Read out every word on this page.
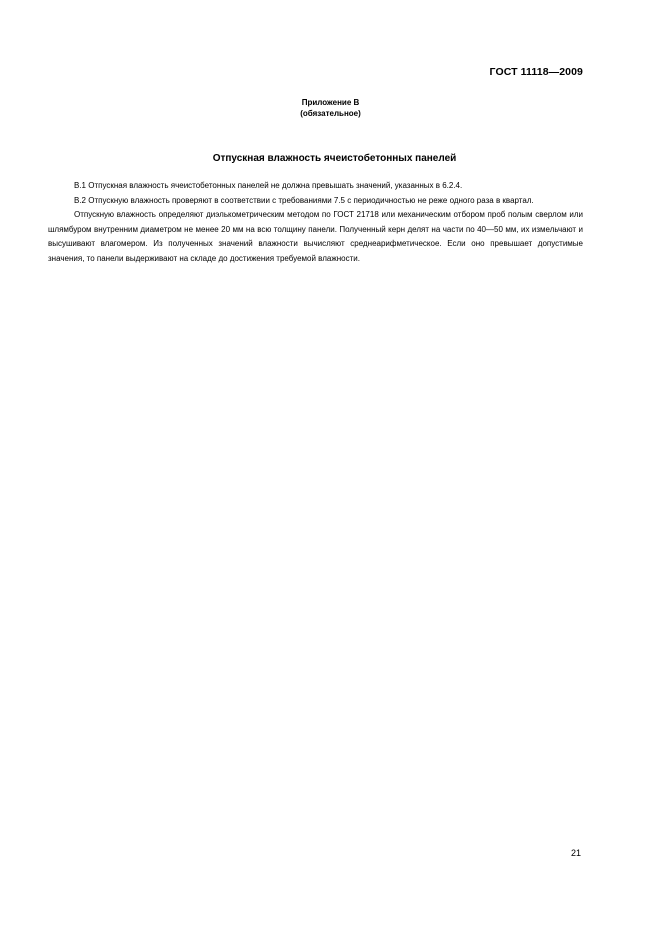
ГОСТ 11118—2009
Приложение В
(обязательное)
Отпускная влажность ячеистобетонных панелей

В.1 Отпускная влажность ячеистобетонных панелей не должна превышать значений, указанных в 6.2.4.

В.2 Отпускную влажность проверяют в соответствии с требованиями 7.5 с периодичностью не реже одного раза в квартал.

Отпускную влажность определяют диэлькометрическим методом по ГОСТ 21718 или механическим отбором проб полым сверлом или шлямбуром внутренним диаметром не менее 20 мм на всю толщину панели. Полученный керн делят на части по 40—50 мм, их измельчают и высушивают влагомером. Из полученных значений влажности вычисляют среднеарифметическое. Если оно превышает допустимые значения, то панели выдерживают на складе до достижения требуемой влажности.

21
